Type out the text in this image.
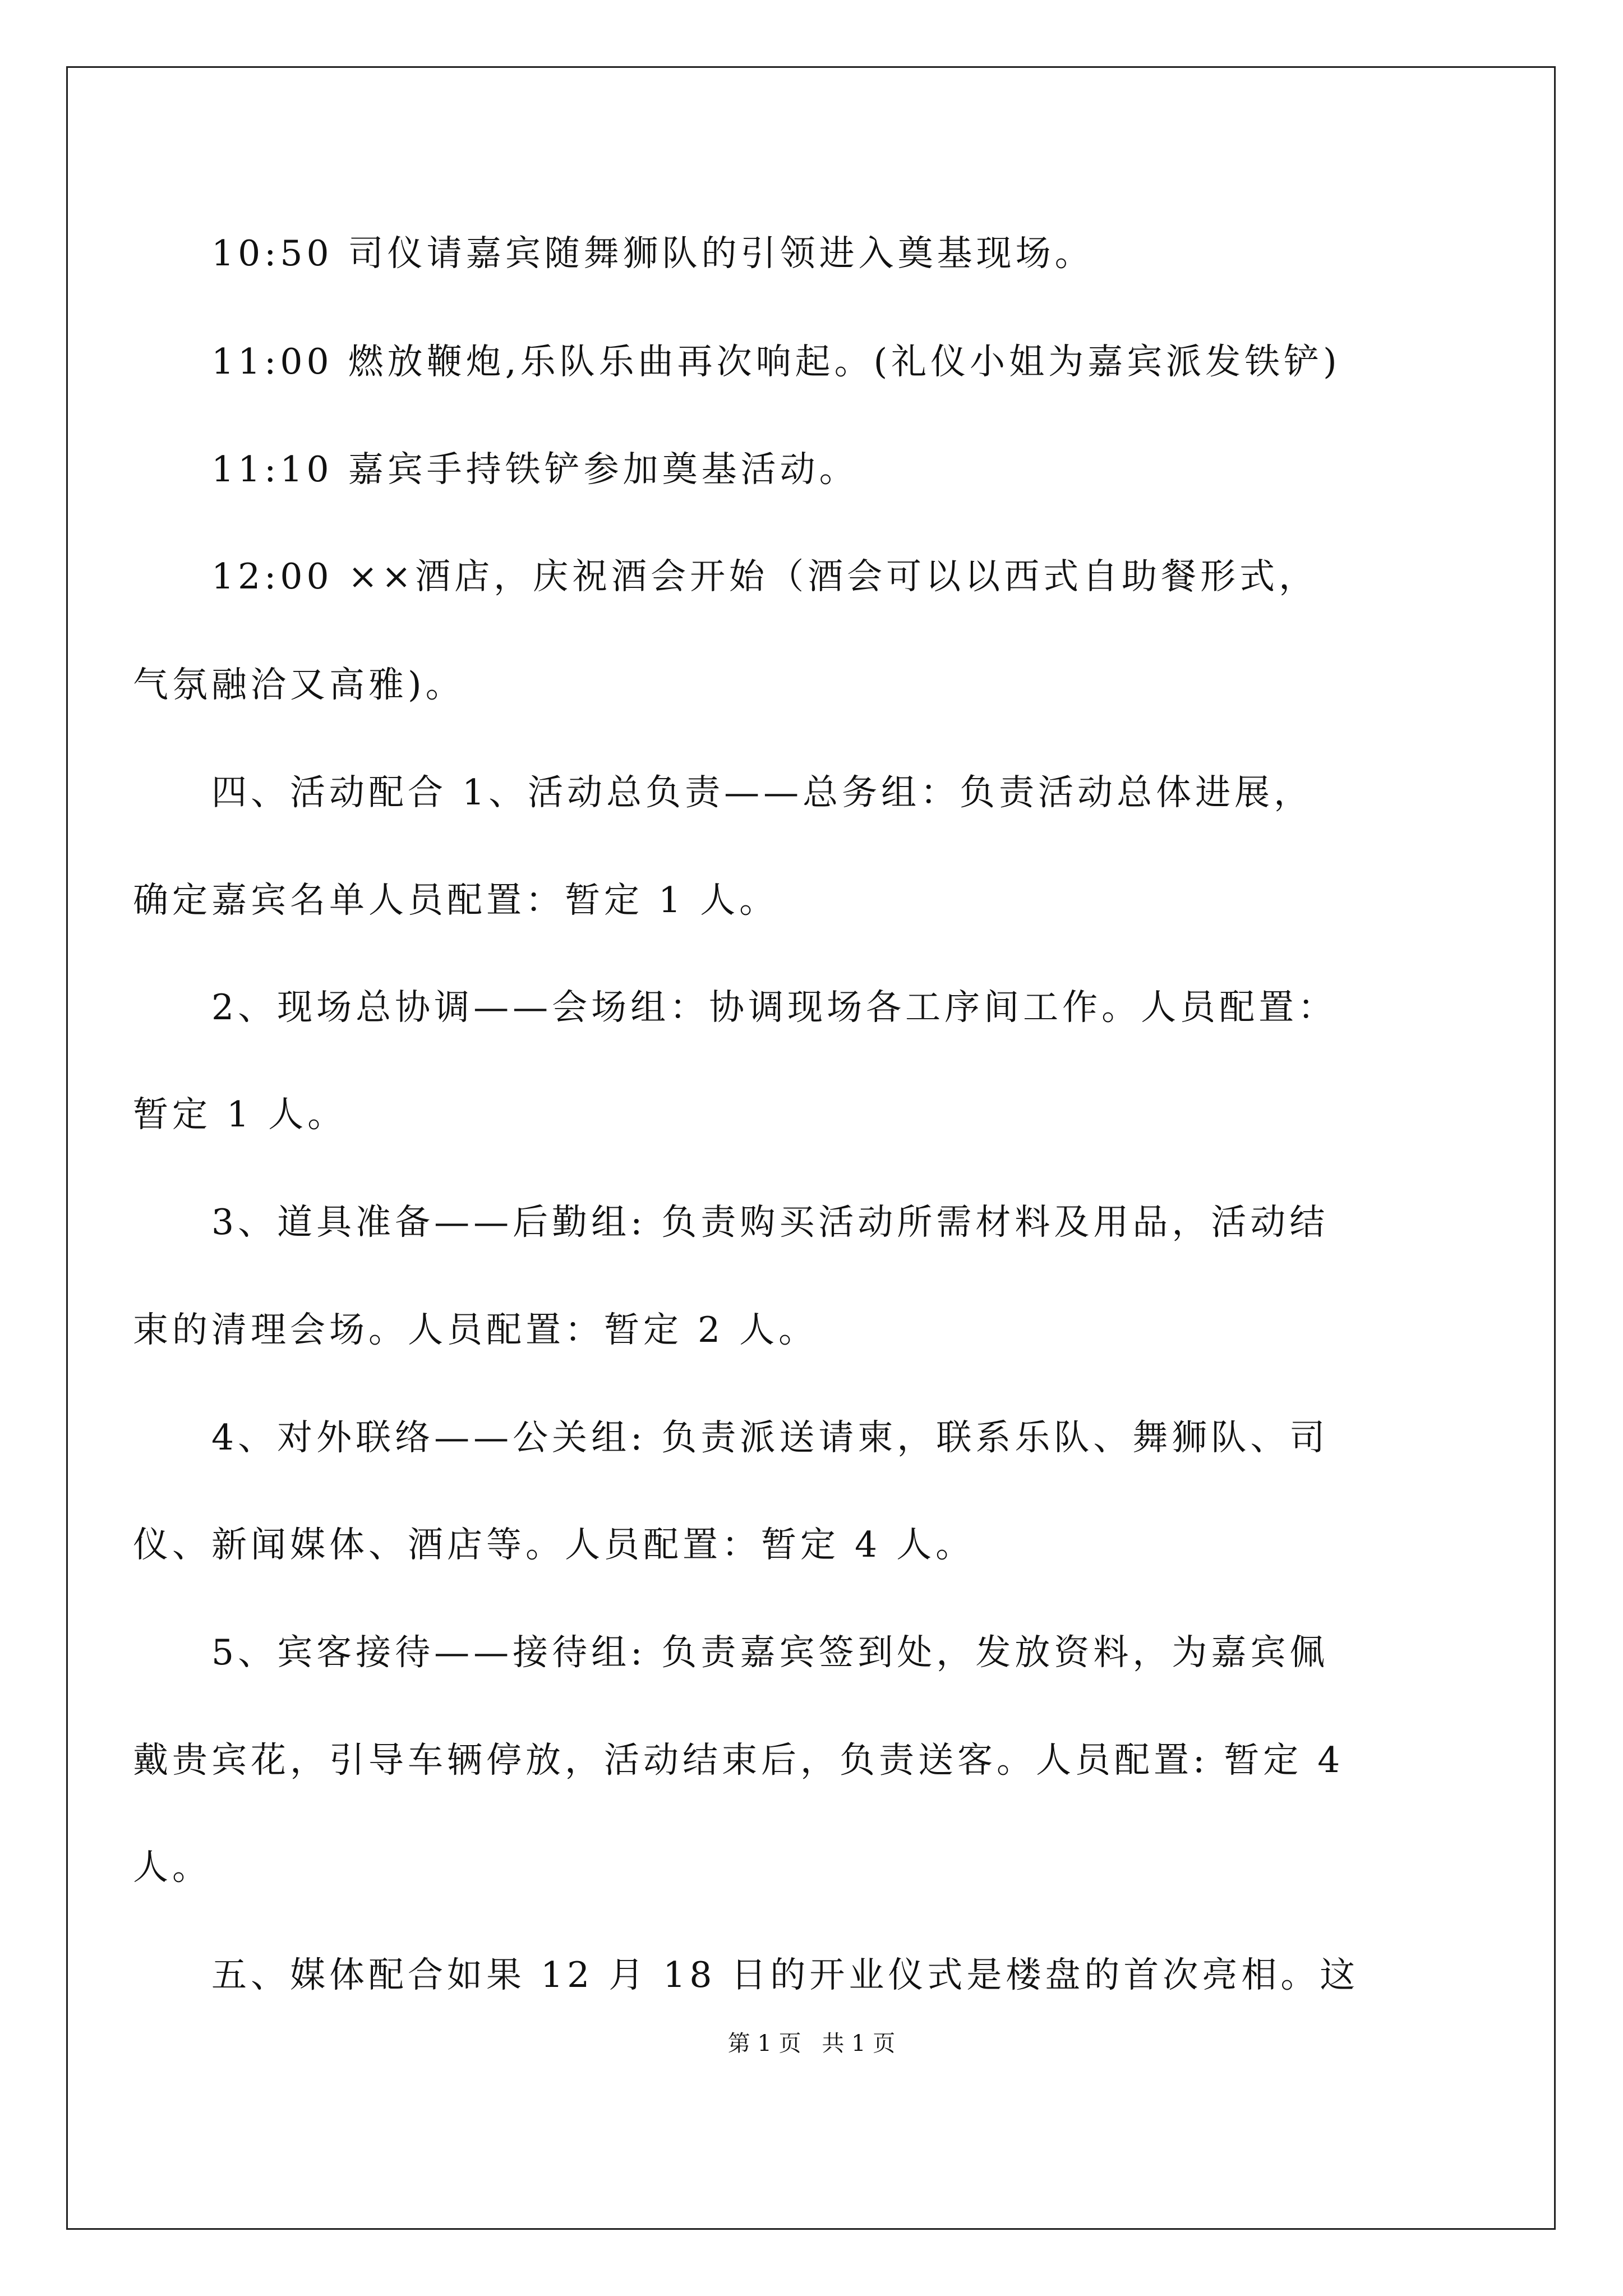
10:50 司仪请嘉宾随舞狮队的引领进入奠基现场。

11:00 燃放鞭炮,乐队乐曲再次响起。(礼仪小姐为嘉宾派发铁铲)

11:10 嘉宾手持铁铲参加奠基活动。

12:00 ××酒店，庆祝酒会开始（酒会可以以西式自助餐形式，

气氛融洽又高雅)。

四、活动配合 1、活动总负责——总务组：负责活动总体进展，

确定嘉宾名单人员配置：暂定 1 人。

2、现场总协调——会场组：协调现场各工序间工作。人员配置：

暂定 1 人。

3、道具准备——后勤组: 负责购买活动所需材料及用品，活动结

束的清理会场。人员配置：暂定 2 人。

4、对外联络——公关组: 负责派送请柬，联系乐队、舞狮队、司

仪、新闻媒体、酒店等。人员配置：暂定 4 人。

5、宾客接待——接待组: 负责嘉宾签到处，发放资料，为嘉宾佩

戴贵宾花，引导车辆停放，活动结束后，负责送客。人员配置: 暂定 4

人。

五、媒体配合如果 12 月 18 日的开业仪式是楼盘的首次亮相。这

第 1 页 共 1 页
